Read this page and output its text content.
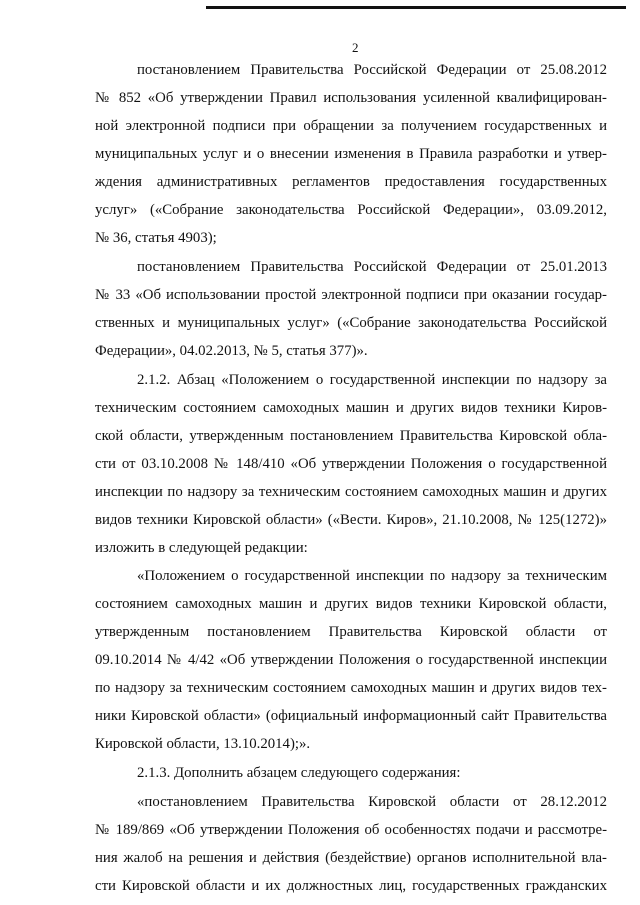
2
постановлением Правительства Российской Федерации от 25.08.2012
№ 852 «Об утверждении Правил использования усиленной квалифицирован-
ной электронной подписи при обращении за получением государственных и
муниципальных услуг и о внесении изменения в Правила разработки и утвер-
ждения административных регламентов предоставления государственных
услуг» («Собрание законодательства Российской Федерации», 03.09.2012,
№ 36, статья 4903);
постановлением Правительства Российской Федерации от 25.01.2013
№ 33 «Об использовании простой электронной подписи при оказании государ-
ственных и муниципальных услуг» («Собрание законодательства Российской
Федерации», 04.02.2013, № 5, статья 377)».
2.1.2. Абзац «Положением о государственной инспекции по надзору за
техническим состоянием самоходных машин и других видов техники Киров-
ской области, утвержденным постановлением Правительства Кировской обла-
сти от 03.10.2008 № 148/410 «Об утверждении Положения о государственной
инспекции по надзору за техническим состоянием самоходных машин и других
видов техники Кировской области» («Вести. Киров», 21.10.2008, № 125(1272)»
изложить в следующей редакции:
«Положением о государственной инспекции по надзору за техническим
состоянием самоходных машин и других видов техники Кировской области,
утвержденным постановлением Правительства Кировской области от
09.10.2014 № 4/42 «Об утверждении Положения о государственной инспекции
по надзору за техническим состоянием самоходных машин и других видов тех-
ники Кировской области» (официальный информационный сайт Правительства
Кировской области, 13.10.2014);».
2.1.3. Дополнить абзацем следующего содержания:
«постановлением Правительства Кировской области от 28.12.2012
№ 189/869 «Об утверждении Положения об особенностях подачи и рассмотре-
ния жалоб на решения и действия (бездействие) органов исполнительной вла-
сти Кировской области и их должностных лиц, государственных гражданских
